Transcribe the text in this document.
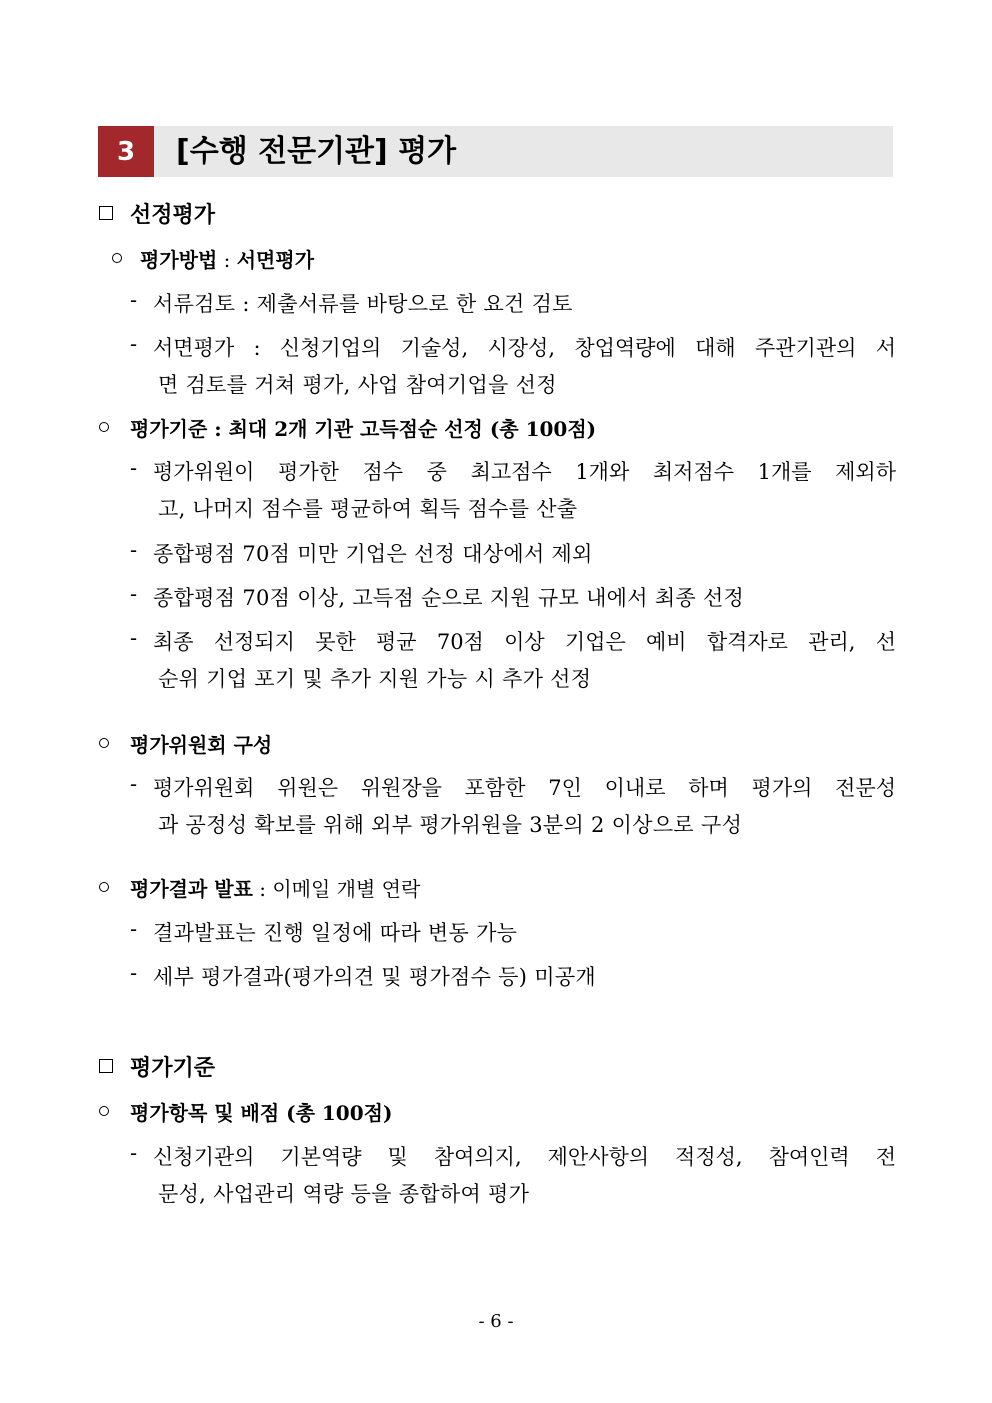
3	[수행 전문기관] 평가
선정평가
평가방법 : 서면평가
- 서류검토 : 제출서류를 바탕으로 한 요건 검토
- 서면평가 : 신청기업의 기술성, 시장성, 창업역량에 대해 주관기관의 서
면 검토를 거쳐 평가, 사업 참여기업을 선정
평가기준 : 최대 2개 기관 고득점순 선정 (총 100점)
- 평가위원이 평가한 점수 중 최고점수 1개와 최저점수 1개를 제외하
고, 나머지 점수를 평균하여 획득 점수를 산출
- 종합평점 70점 미만 기업은 선정 대상에서 제외
- 종합평점 70점 이상, 고득점 순으로 지원 규모 내에서 최종 선정
- 최종 선정되지 못한 평균 70점 이상 기업은 예비 합격자로 관리, 선
순위 기업 포기 및 추가 지원 가능 시 추가 선정
평가위원회 구성
- 평가위원회 위원은 위원장을 포함한 7인 이내로 하며 평가의 전문성
과 공정성 확보를 위해 외부 평가위원을 3분의 2 이상으로 구성
평가결과 발표 : 이메일 개별 연락
- 결과발표는 진행 일정에 따라 변동 가능
- 세부 평가결과(평가의견 및 평가점수 등) 미공개
평가기준
평가항목 및 배점 (총 100점)
- 신청기관의 기본역량 및 참여의지, 제안사항의 적정성, 참여인력 전
문성, 사업관리 역량 등을 종합하여 평가
- 6 -
